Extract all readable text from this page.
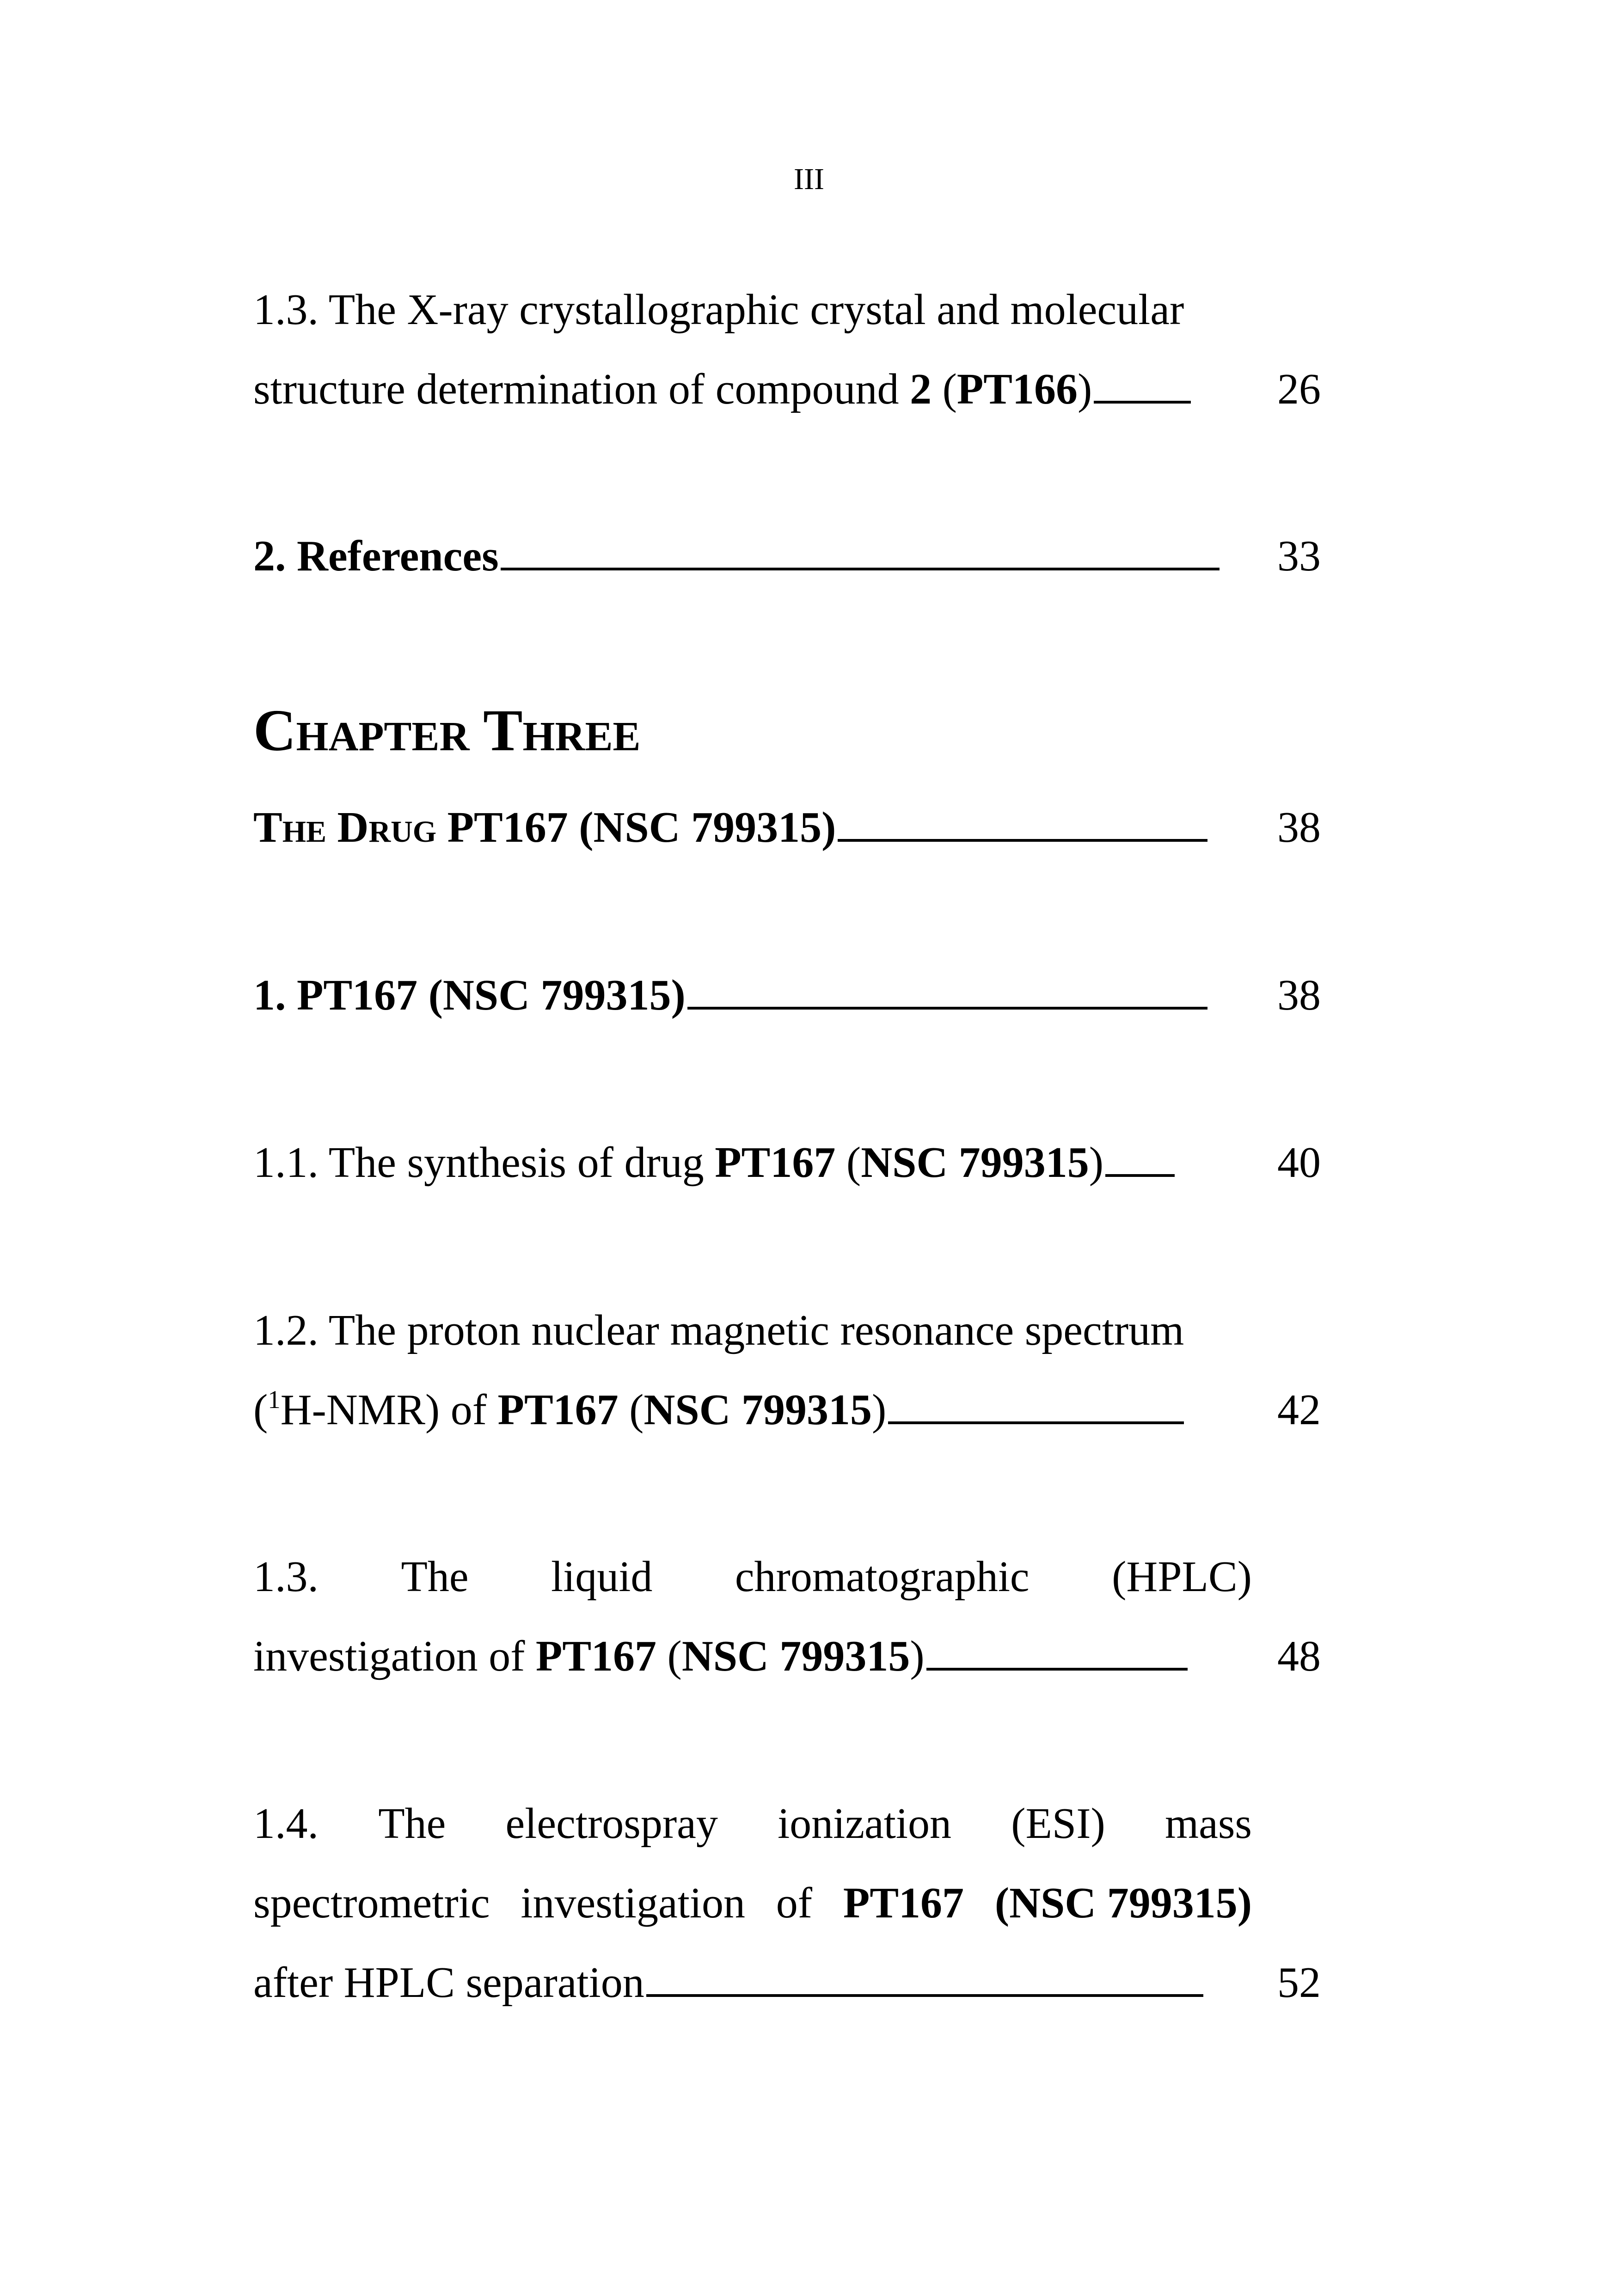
III
1.3. The X-ray crystallographic crystal and molecular
structure determination of compound 2 (PT166)	26
2. References	33
Chapter Three
The Drug PT167 (NSC 799315)	38
1. PT167 (NSC 799315)	38
1.1. The synthesis of drug PT167 (NSC 799315)	40
1.2. The proton nuclear magnetic resonance spectrum
($^1$H-NMR) of PT167 (NSC 799315)	42
1.3. The liquid chromatographic (HPLC)
investigation of PT167 (NSC 799315)	48
1.4. The electrospray ionization (ESI) mass
spectrometric investigation of PT167 (NSC 799315)
after HPLC separation	52
